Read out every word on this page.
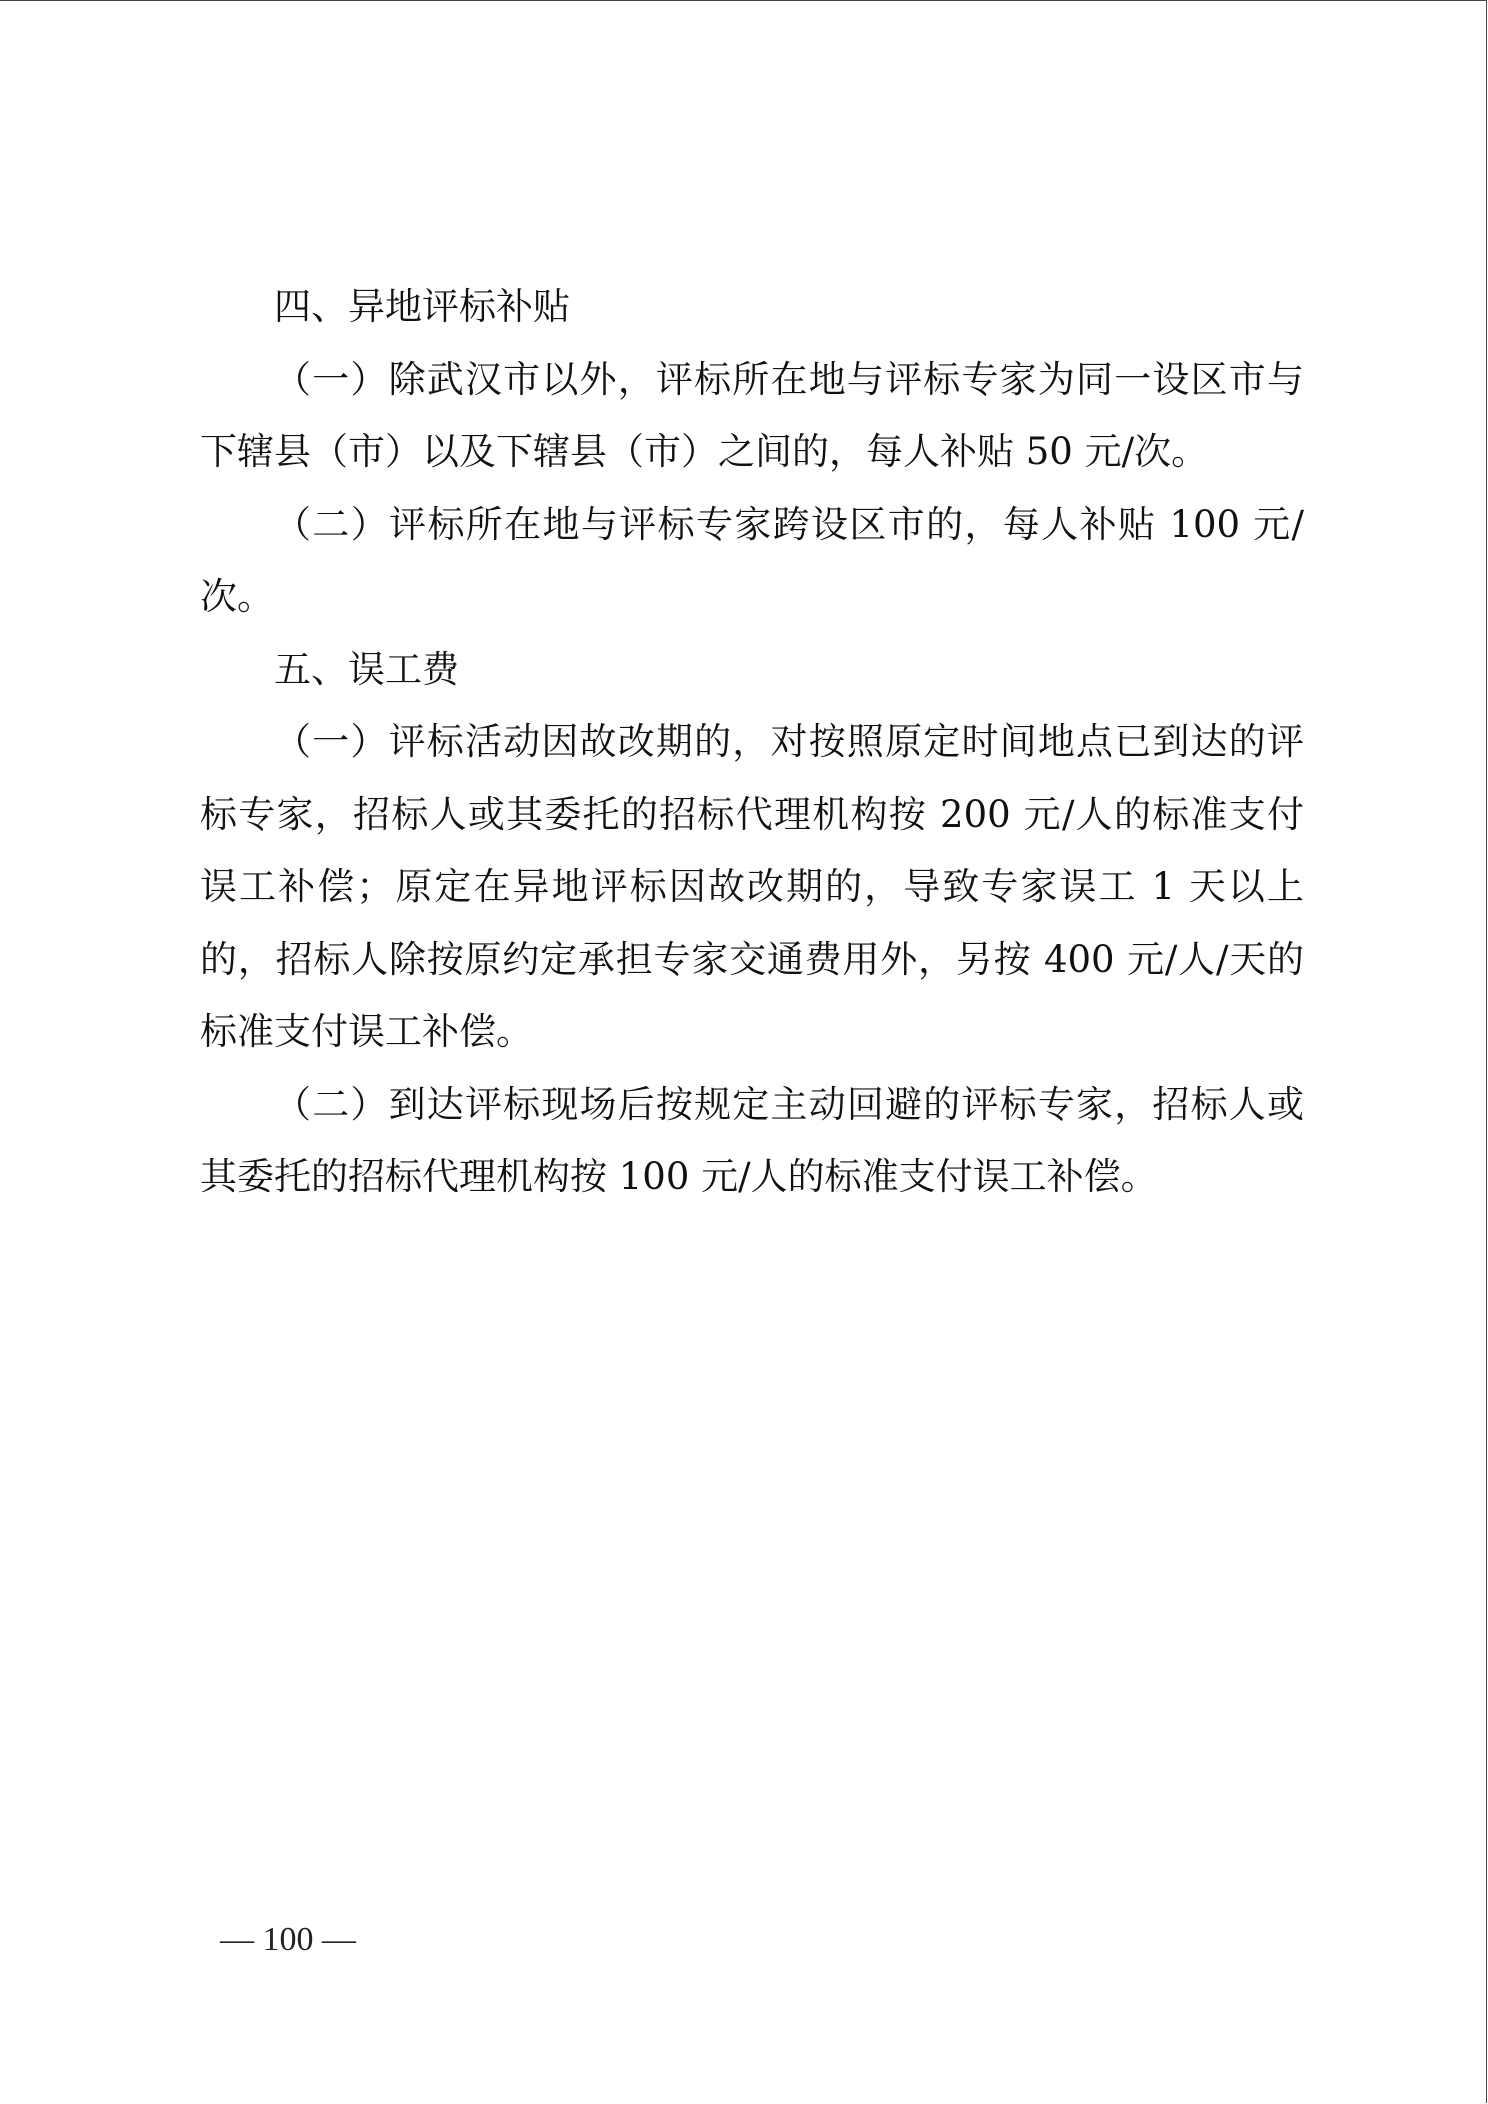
四、异地评标补贴

（一）除武汉市以外，评标所在地与评标专家为同一设区市与下辖县（市）以及下辖县（市）之间的，每人补贴 50 元/次。

（二）评标所在地与评标专家跨设区市的，每人补贴 100 元/次。

五、误工费

（一）评标活动因故改期的，对按照原定时间地点已到达的评标专家，招标人或其委托的招标代理机构按 200 元/人的标准支付误工补偿；原定在异地评标因故改期的，导致专家误工 1 天以上的，招标人除按原约定承担专家交通费用外，另按 400 元/人/天的标准支付误工补偿。

（二）到达评标现场后按规定主动回避的评标专家，招标人或其委托的招标代理机构按 100 元/人的标准支付误工补偿。

— 100 —
